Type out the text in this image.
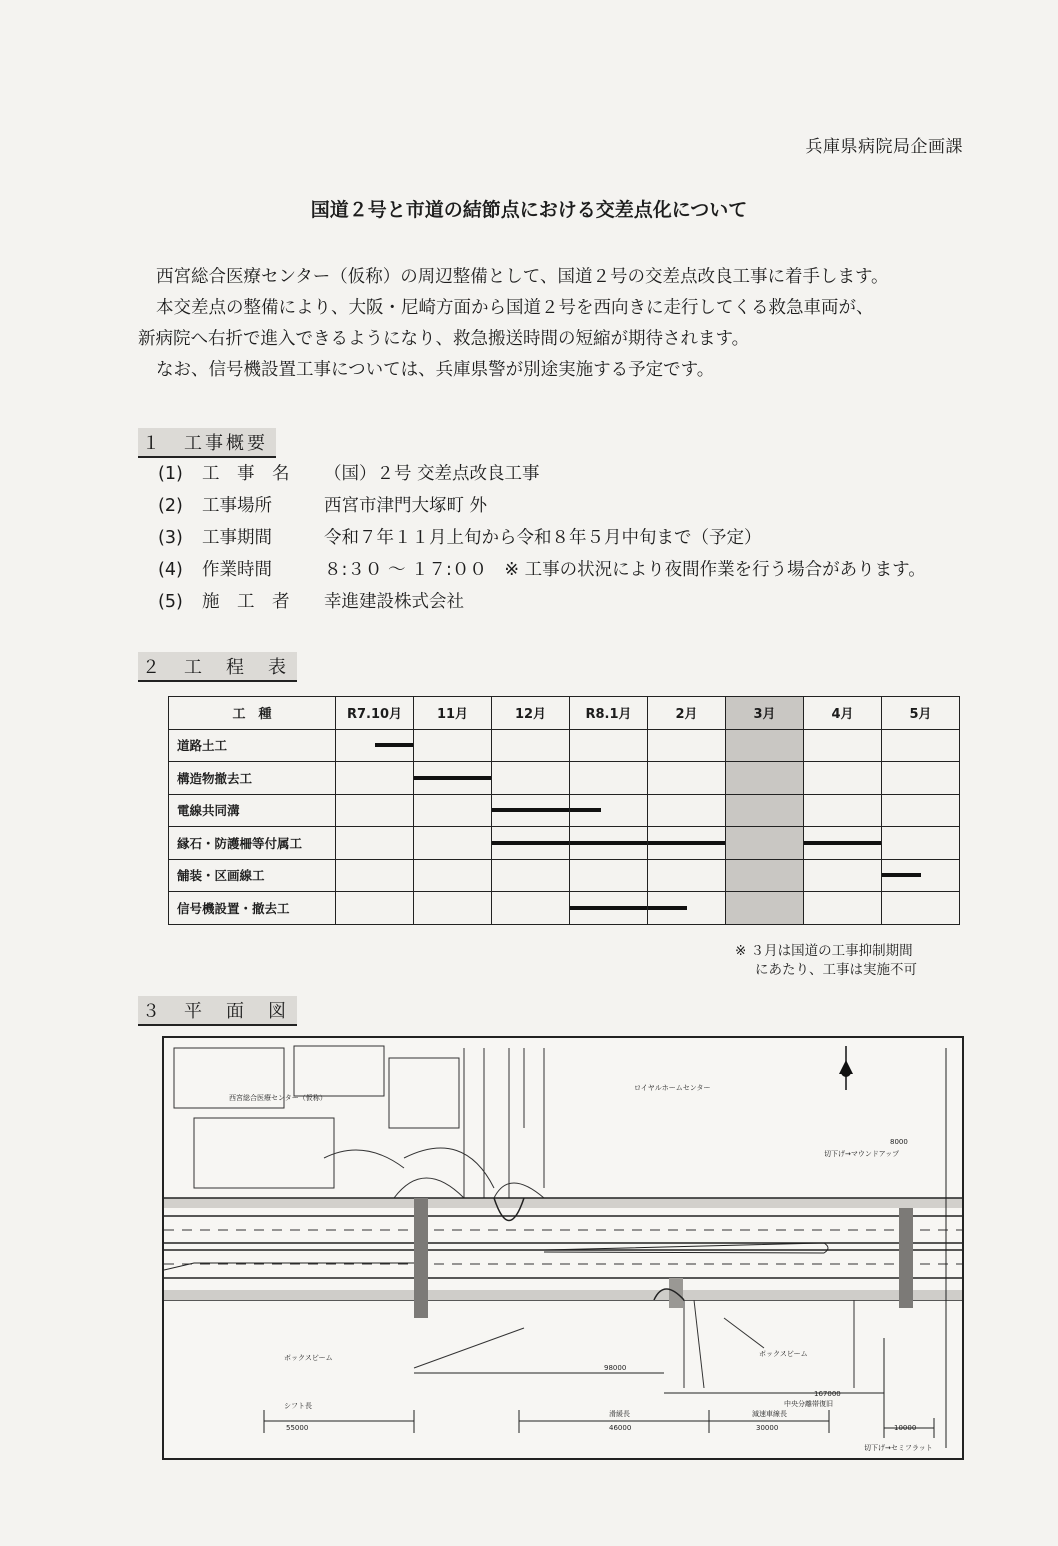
兵庫県病院局企画課
国道２号と市道の結節点における交差点化について

西宮総合医療センター（仮称）の周辺整備として、国道２号の交差点改良工事に着手します。

本交差点の整備により、大阪・尼崎方面から国道２号を西向きに走行してくる救急車両が、

新病院へ右折で進入できるようになり、救急搬送時間の短縮が期待されます。

なお、信号機設置工事については、兵庫県警が別途実施する予定です。

１　工事概要
(1) 工　事　名 （国）２号 交差点改良工事
(2) 工事場所	西宮市津門大塚町 外
(3) 工事期間	令和７年１１月上旬から令和８年５月中旬まで（予定）
(4) 作業時間	８:３０ ～ １７:００　※ 工事の状況により夜間作業を行う場合があります。
(5) 施　工　者 幸進建設株式会社
２　工　程　表
工　種	R7.10月	11月	12月	R8.1月	2月	3月	4月	5月
道路土工	

構造物撤去工		

電線共同溝			

縁石・防護柵等付属工			

舗装・区画線工								

信号機設置・撤去工				

※ ３月は国道の工事抑制期間
にあたり、工事は実施不可
３　平　面　図
西宮総合医療センター（仮称）
ロイヤルホームセンター
ボックスビーム	ボックスビーム
シフト長
55000
滑緩長
46000
減速車線長
30000
中央分離帯復旧
167000
98000
10000
8000
切下げ→マウンドアップ
切下げ→セミフラット
